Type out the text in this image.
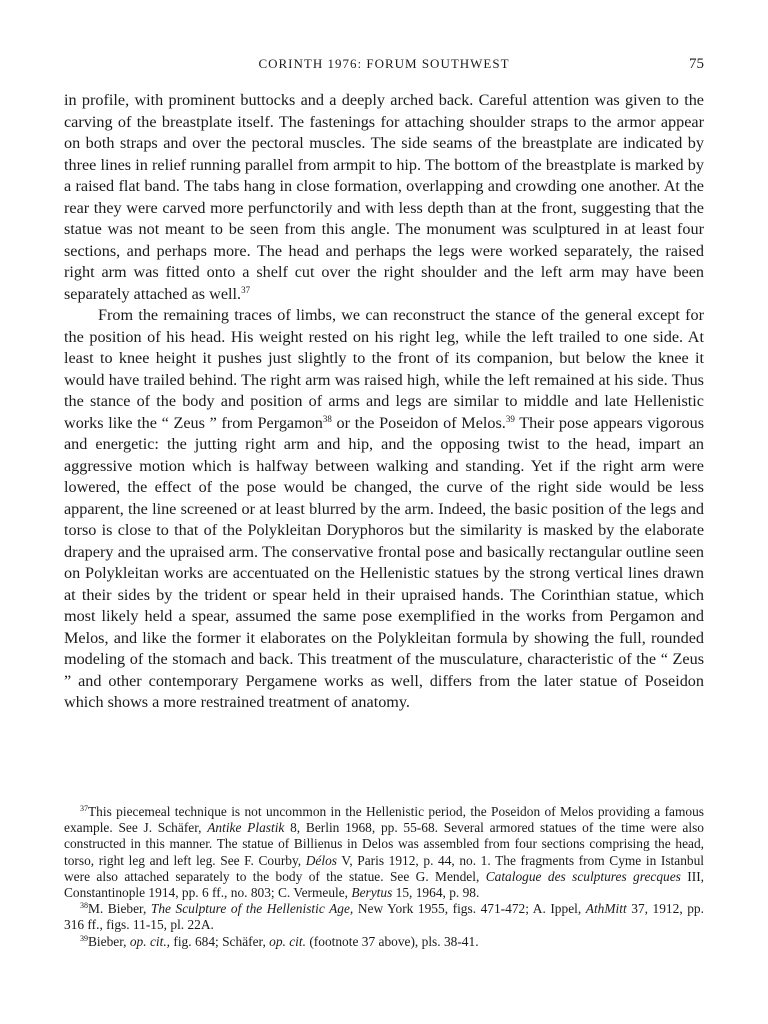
CORINTH 1976: FORUM SOUTHWEST	75

in profile, with prominent buttocks and a deeply arched back. Careful attention was given to the carving of the breastplate itself. The fastenings for attaching shoulder straps to the armor appear on both straps and over the pectoral muscles. The side seams of the breastplate are indicated by three lines in relief running parallel from armpit to hip. The bottom of the breastplate is marked by a raised flat band. The tabs hang in close formation, overlapping and crowding one another. At the rear they were carved more perfunctorily and with less depth than at the front, suggesting that the statue was not meant to be seen from this angle. The monument was sculptured in at least four sections, and perhaps more. The head and perhaps the legs were worked separately, the raised right arm was fitted onto a shelf cut over the right shoulder and the left arm may have been separately attached as well.$^{37}$

From the remaining traces of limbs, we can reconstruct the stance of the general except for the position of his head. His weight rested on his right leg, while the left trailed to one side. At least to knee height it pushes just slightly to the front of its companion, but below the knee it would have trailed behind. The right arm was raised high, while the left remained at his side. Thus the stance of the body and position of arms and legs are similar to middle and late Hellenistic works like the “ Zeus ” from Pergamon$^{38}$ or the Poseidon of Melos.$^{39}$ Their pose appears vigorous and energetic: the jutting right arm and hip, and the opposing twist to the head, impart an aggressive motion which is halfway between walking and standing. Yet if the right arm were lowered, the effect of the pose would be changed, the curve of the right side would be less apparent, the line screened or at least blurred by the arm. Indeed, the basic position of the legs and torso is close to that of the Polykleitan Doryphoros but the similarity is masked by the elaborate drapery and the upraised arm. The conservative frontal pose and basically rectangular outline seen on Polykleitan works are accentuated on the Hellenistic statues by the strong vertical lines drawn at their sides by the trident or spear held in their upraised hands. The Corinthian statue, which most likely held a spear, assumed the same pose exemplified in the works from Pergamon and Melos, and like the former it elaborates on the Polykleitan formula by showing the full, rounded modeling of the stomach and back. This treatment of the musculature, characteristic of the “ Zeus ” and other contemporary Pergamene works as well, differs from the later statue of Poseidon which shows a more restrained treatment of anatomy.

$^{37}$This piecemeal technique is not uncommon in the Hellenistic period, the Poseidon of Melos providing a famous example. See J. Schäfer, Antike Plastik 8, Berlin 1968, pp. 55-68. Several armored statues of the time were also constructed in this manner. The statue of Billienus in Delos was assembled from four sections comprising the head, torso, right leg and left leg. See F. Courby, Délos V, Paris 1912, p. 44, no. 1. The fragments from Cyme in Istanbul were also attached separately to the body of the statue. See G. Mendel, Catalogue des sculptures grecques III, Constantinople 1914, pp. 6 ff., no. 803; C. Vermeule, Berytus 15, 1964, p. 98.

$^{38}$M. Bieber, The Sculpture of the Hellenistic Age, New York 1955, figs. 471-472; A. Ippel, AthMitt 37, 1912, pp. 316 ff., figs. 11-15, pl. 22A.

$^{39}$Bieber, op. cit., fig. 684; Schäfer, op. cit. (footnote 37 above), pls. 38-41.
